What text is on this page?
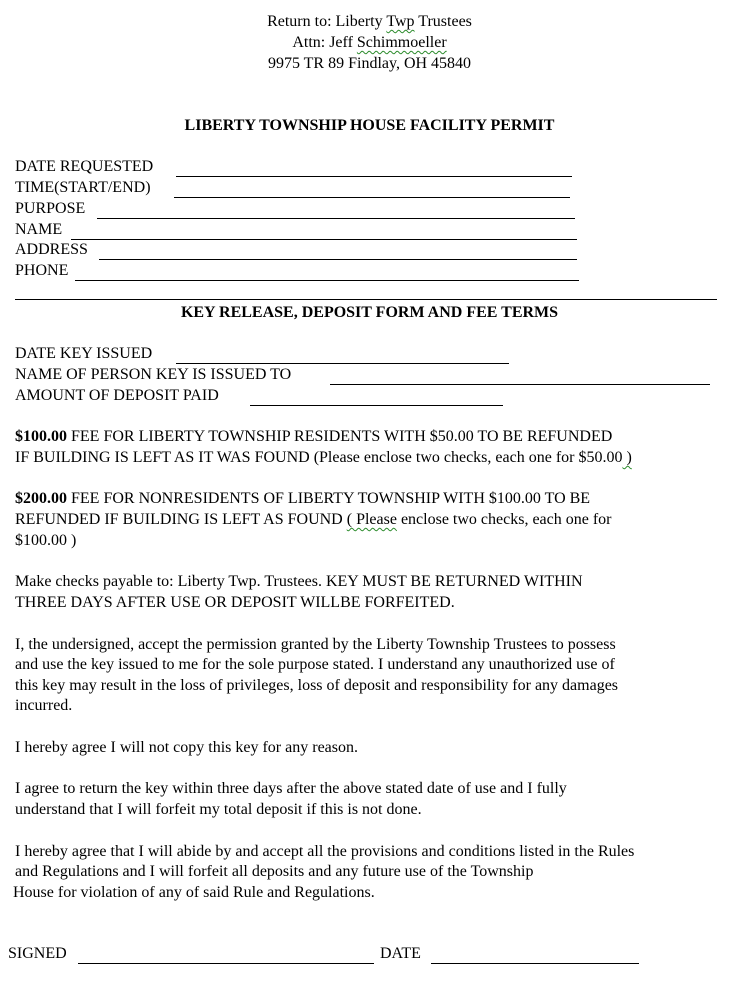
Return to: Liberty Twp Trustees
Attn: Jeff Schimmoeller
9975 TR 89 Findlay, OH 45840
LIBERTY TOWNSHIP HOUSE FACILITY PERMIT
DATE REQUESTED
TIME(START/END)
PURPOSE
NAME
ADDRESS
PHONE
KEY RELEASE, DEPOSIT FORM AND FEE TERMS
DATE KEY ISSUED
NAME OF PERSON KEY IS ISSUED TO
AMOUNT OF DEPOSIT PAID
$100.00 FEE FOR LIBERTY TOWNSHIP RESIDENTS WITH $50.00 TO BE REFUNDED
IF BUILDING IS LEFT AS IT WAS FOUND (Please enclose two checks, each one for $50.00 )
$200.00 FEE FOR NONRESIDENTS OF LIBERTY TOWNSHIP WITH $100.00 TO BE
REFUNDED IF BUILDING IS LEFT AS FOUND ( Please enclose two checks, each one for
$100.00 )
Make checks payable to: Liberty Twp. Trustees. KEY MUST BE RETURNED WITHIN
THREE DAYS AFTER USE OR DEPOSIT WILLBE FORFEITED.
I, the undersigned, accept the permission granted by the Liberty Township Trustees to possess
and use the key issued to me for the sole purpose stated. I understand any unauthorized use of
this key may result in the loss of privileges, loss of deposit and responsibility for any damages
incurred.
I hereby agree I will not copy this key for any reason.
I agree to return the key within three days after the above stated date of use and I fully
understand that I will forfeit my total deposit if this is not done.
I hereby agree that I will abide by and accept all the provisions and conditions listed in the Rules
and Regulations and I will forfeit all deposits and any future use of the Township
House for violation of any of said Rule and Regulations.
SIGNED	DATE
